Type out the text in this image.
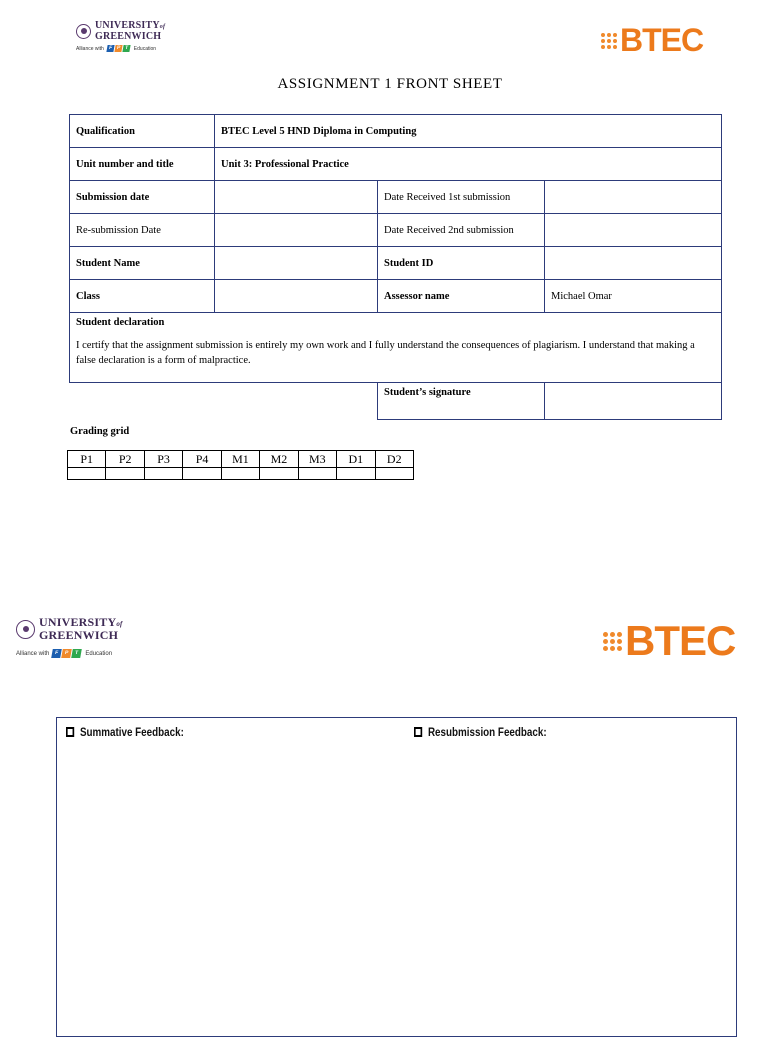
UNIVERSITYof
GREENWICH
Alliance with F P T	Education	BTEC
ASSIGNMENT 1 FRONT SHEET
Qualification	BTEC Level 5 HND Diploma in Computing		
Unit number and title	Unit 3: Professional Practice		
Submission date		Date Received 1st submission	
Re-submission Date		Date Received 2nd submission	
Student Name		Student ID	
Class		Assessor name	Michael Omar

Student declaration
I certify that the assignment submission is entirely my own work and I fully understand the consequences of plagiarism. I understand that making a false declaration is a form of malpractice.			

		Student’s signature	
Grading grid
P1	P2	P3	P4	M1	M2	M3	D1	D2

UNIVERSITYof
GREENWICH
Alliance with	F	P	T	Education	BTEC
Summative Feedback:	Resubmission Feedback:
